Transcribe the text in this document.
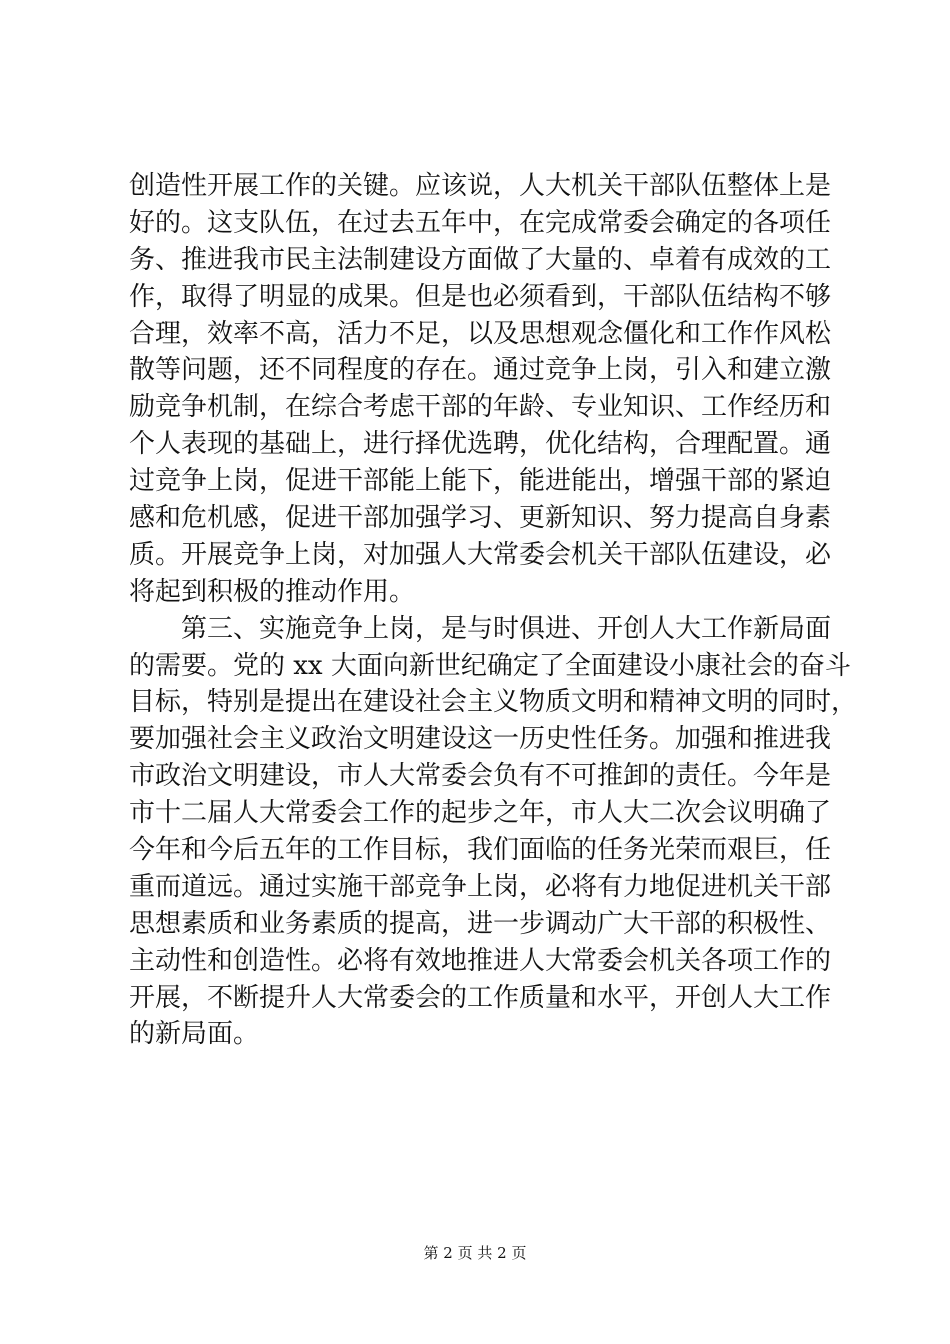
创造性开展工作的关键。应该说，人大机关干部队伍整体上是
好的。这支队伍，在过去五年中，在完成常委会确定的各项任
务、推进我市民主法制建设方面做了大量的、卓着有成效的工
作，取得了明显的成果。但是也必须看到，干部队伍结构不够
合理，效率不高，活力不足，以及思想观念僵化和工作作风松
散等问题，还不同程度的存在。通过竞争上岗，引入和建立激
励竞争机制，在综合考虑干部的年龄、专业知识、工作经历和
个人表现的基础上，进行择优选聘，优化结构，合理配置。通
过竞争上岗，促进干部能上能下，能进能出，增强干部的紧迫
感和危机感，促进干部加强学习、更新知识、努力提高自身素
质。开展竞争上岗，对加强人大常委会机关干部队伍建设，必
将起到积极的推动作用。
　　第三、实施竞争上岗，是与时俱进、开创人大工作新局面
的需要。党的 xx 大面向新世纪确定了全面建设小康社会的奋斗
目标，特别是提出在建设社会主义物质文明和精神文明的同时，
要加强社会主义政治文明建设这一历史性任务。加强和推进我
市政治文明建设，市人大常委会负有不可推卸的责任。今年是
市十二届人大常委会工作的起步之年，市人大二次会议明确了
今年和今后五年的工作目标，我们面临的任务光荣而艰巨，任
重而道远。通过实施干部竞争上岗，必将有力地促进机关干部
思想素质和业务素质的提高，进一步调动广大干部的积极性、
主动性和创造性。必将有效地推进人大常委会机关各项工作的
开展，不断提升人大常委会的工作质量和水平，开创人大工作
的新局面。
第 2 页 共 2 页
